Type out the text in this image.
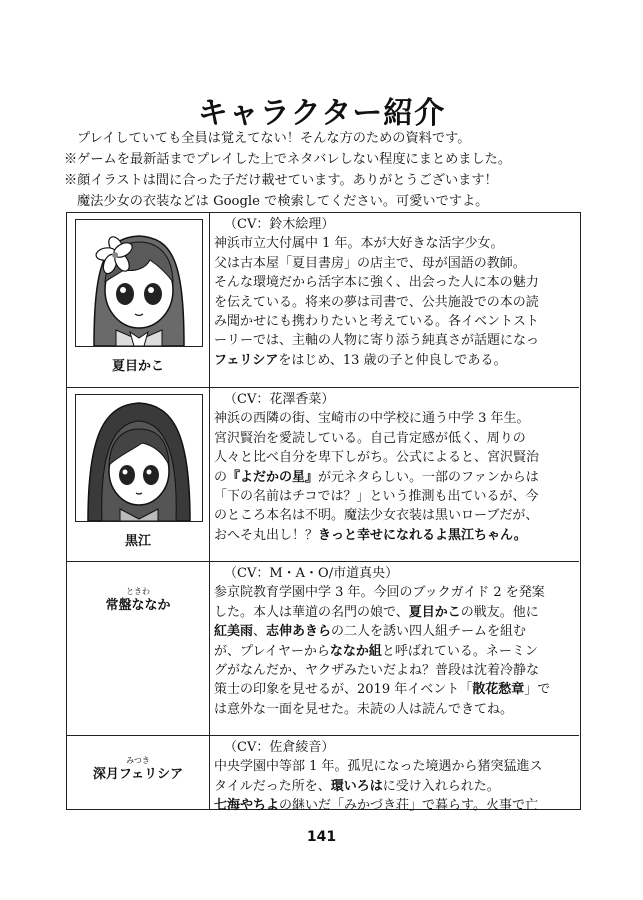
キャラクター紹介
プレイしていても全員は覚えてない！そんな方のための資料です。
※ゲームを最新話までプレイした上でネタバレしない程度にまとめました。
※顔イラストは間に合った子だけ載せています。ありがとうございます！
魔法少女の衣装などは Google で検索してください。可愛いですよ。
夏目かこ
（CV：鈴木絵理）

神浜市立大付属中 1 年。本が大好きな活字少女。

父は古本屋「夏目書房」の店主で、母が国語の教師。

そんな環境だから活字本に強く、出会った人に本の魅力

を伝えている。将来の夢は司書で、公共施設での本の読

み聞かせにも携わりたいと考えている。各イベントスト

ーリーでは、主軸の人物に寄り添う純真さが話題になっ

フェリシアをはじめ、13 歳の子と仲良しである。

黒江
（CV：花澤香菜）

神浜の西隣の街、宝崎市の中学校に通う中学 3 年生。

宮沢賢治を愛読している。自己肯定感が低く、周りの

人々と比べ自分を卑下しがち。公式によると、宮沢賢治

の『よだかの星』が元ネタらしい。一部のファンからは

「下の名前はチコでは？」という推測も出ているが、今

のところ本名は不明。魔法少女衣装は黒いローブだが、

おへそ丸出し！？きっと幸せになれるよ黒江ちゃん。

ときわ
常盤ななか
（CV：M・A・O/市道真央）

参京院教育学園中学 3 年。今回のブックガイド 2 を発案

した。本人は華道の名門の娘で、夏目かこの戦友。他に

紅美雨、志伸あきらの二人を誘い四人組チームを組む

が、プレイヤーからななか組と呼ばれている。ネーミン

グがなんだか、ヤクザみたいだよね？普段は沈着冷静な

策士の印象を見せるが、2019 年イベント「散花愁章」で

は意外な一面を見せた。未読の人は読んできてね。

みつき
深月フェリシア
（CV：佐倉綾音）

中央学園中等部 1 年。孤児になった境遇から猪突猛進ス

タイルだった所を、環いろはに受け入れられた。

七海やちよの継いだ「みかづき荘」で暮らす。火事で亡

141
